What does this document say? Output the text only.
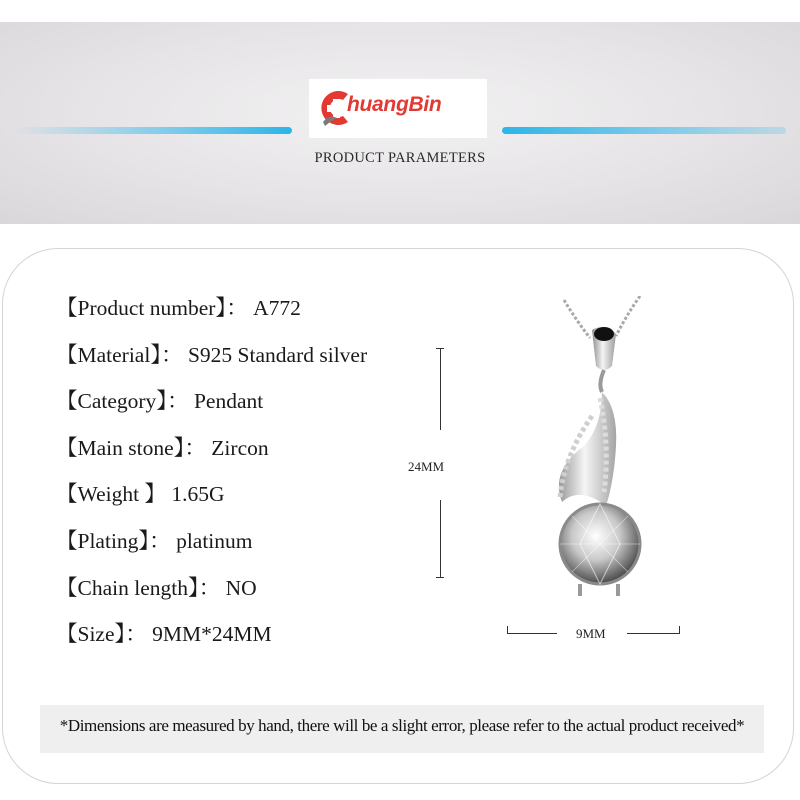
huangBin
PRODUCT PARAMETERS
【Product number】： A772
【Material】： S925 Standard silver
【Category】： Pendant
【Main stone】： Zircon
【Weight 】 1.65G
【Plating】： platinum
【Chain length】： NO
【Size】： 9MM*24MM
24MM
9MM
*Dimensions are measured by hand, there will be a slight error, please refer to the actual product received*
